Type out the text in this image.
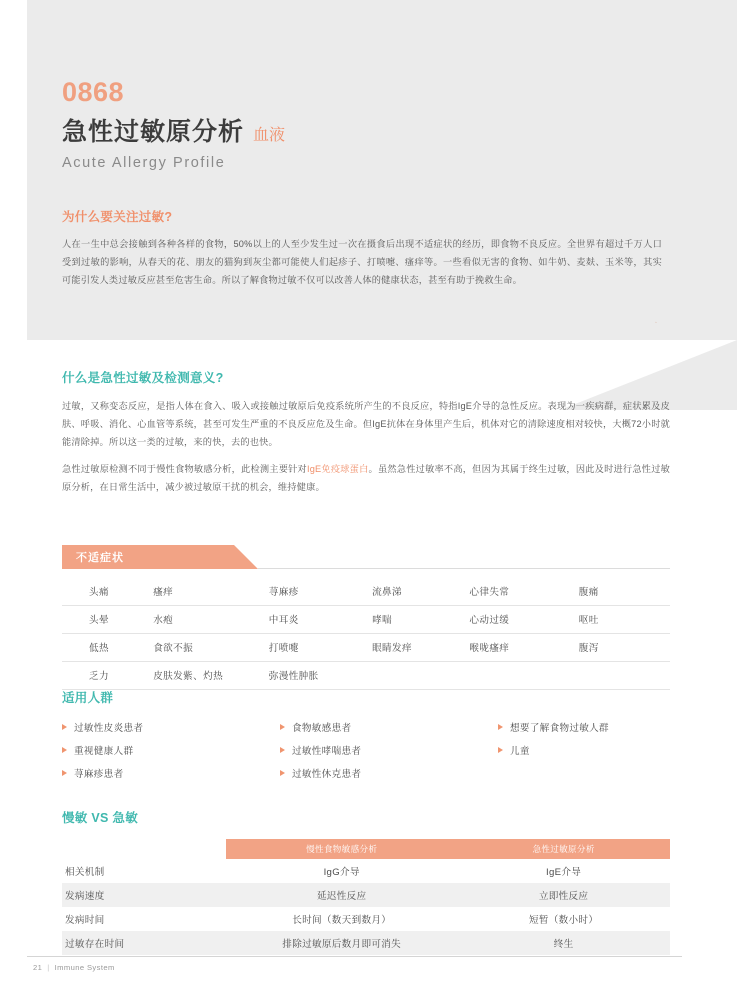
0868
急性过敏原分析 血液
Acute Allergy Profile
为什么要关注过敏?
人在一生中总会接触到各种各样的食物，50%以上的人至少发生过一次在摄食后出现不适症状的经历，即食物不良反应。全世界有超过千万人口受到过敏的影响，从春天的花、朋友的猫狗到灰尘都可能使人们起疹子、打喷嚏、瘙痒等。一些看似无害的食物、如牛奶、麦麸、玉米等，其实可能引发人类过敏反应甚至危害生命。所以了解食物过敏不仅可以改善人体的健康状态，甚至有助于挽救生命。
◦
什么是急性过敏及检测意义?

过敏，又称变态反应，是指人体在食入、吸入或接触过敏原后免疫系统所产生的不良反应，特指IgE介导的急性反应。表现为一疾病群，症状累及皮肤、呼吸、消化、心血管等系统，甚至可发生严重的不良反应危及生命。但IgE抗体在身体里产生后，机体对它的清除速度相对较快，大概72小时就能清除掉。所以这一类的过敏，来的快，去的也快。

急性过敏原检测不同于慢性食物敏感分析，此检测主要针对IgE免疫球蛋白。虽然急性过敏率不高，但因为其属于终生过敏，因此及时进行急性过敏原分析，在日常生活中，减少被过敏原干扰的机会，维持健康。

不适症状
头痛	瘙痒	荨麻疹	流鼻涕	心律失常	腹痛
头晕	水疱	中耳炎	哮喘	心动过缓	呕吐
低热	食欲不振	打喷嚏	眼睛发痒	喉咙瘙痒	腹泻
乏力	皮肤发紫、灼热	弥漫性肿胀			
适用人群
过敏性皮炎患者	食物敏感患者	想要了解食物过敏人群
重视健康人群	过敏性哮喘患者	儿童
荨麻疹患者	过敏性休克患者
慢敏 VS 急敏
	慢性食物敏感分析	急性过敏原分析
相关机制	IgG介导	IgE介导
发病速度	延迟性反应	立即性反应
发病时间	长时间（数天到数月）	短暂（数小时）
过敏存在时间	排除过敏原后数月即可消失	终生
21 | Immune System
